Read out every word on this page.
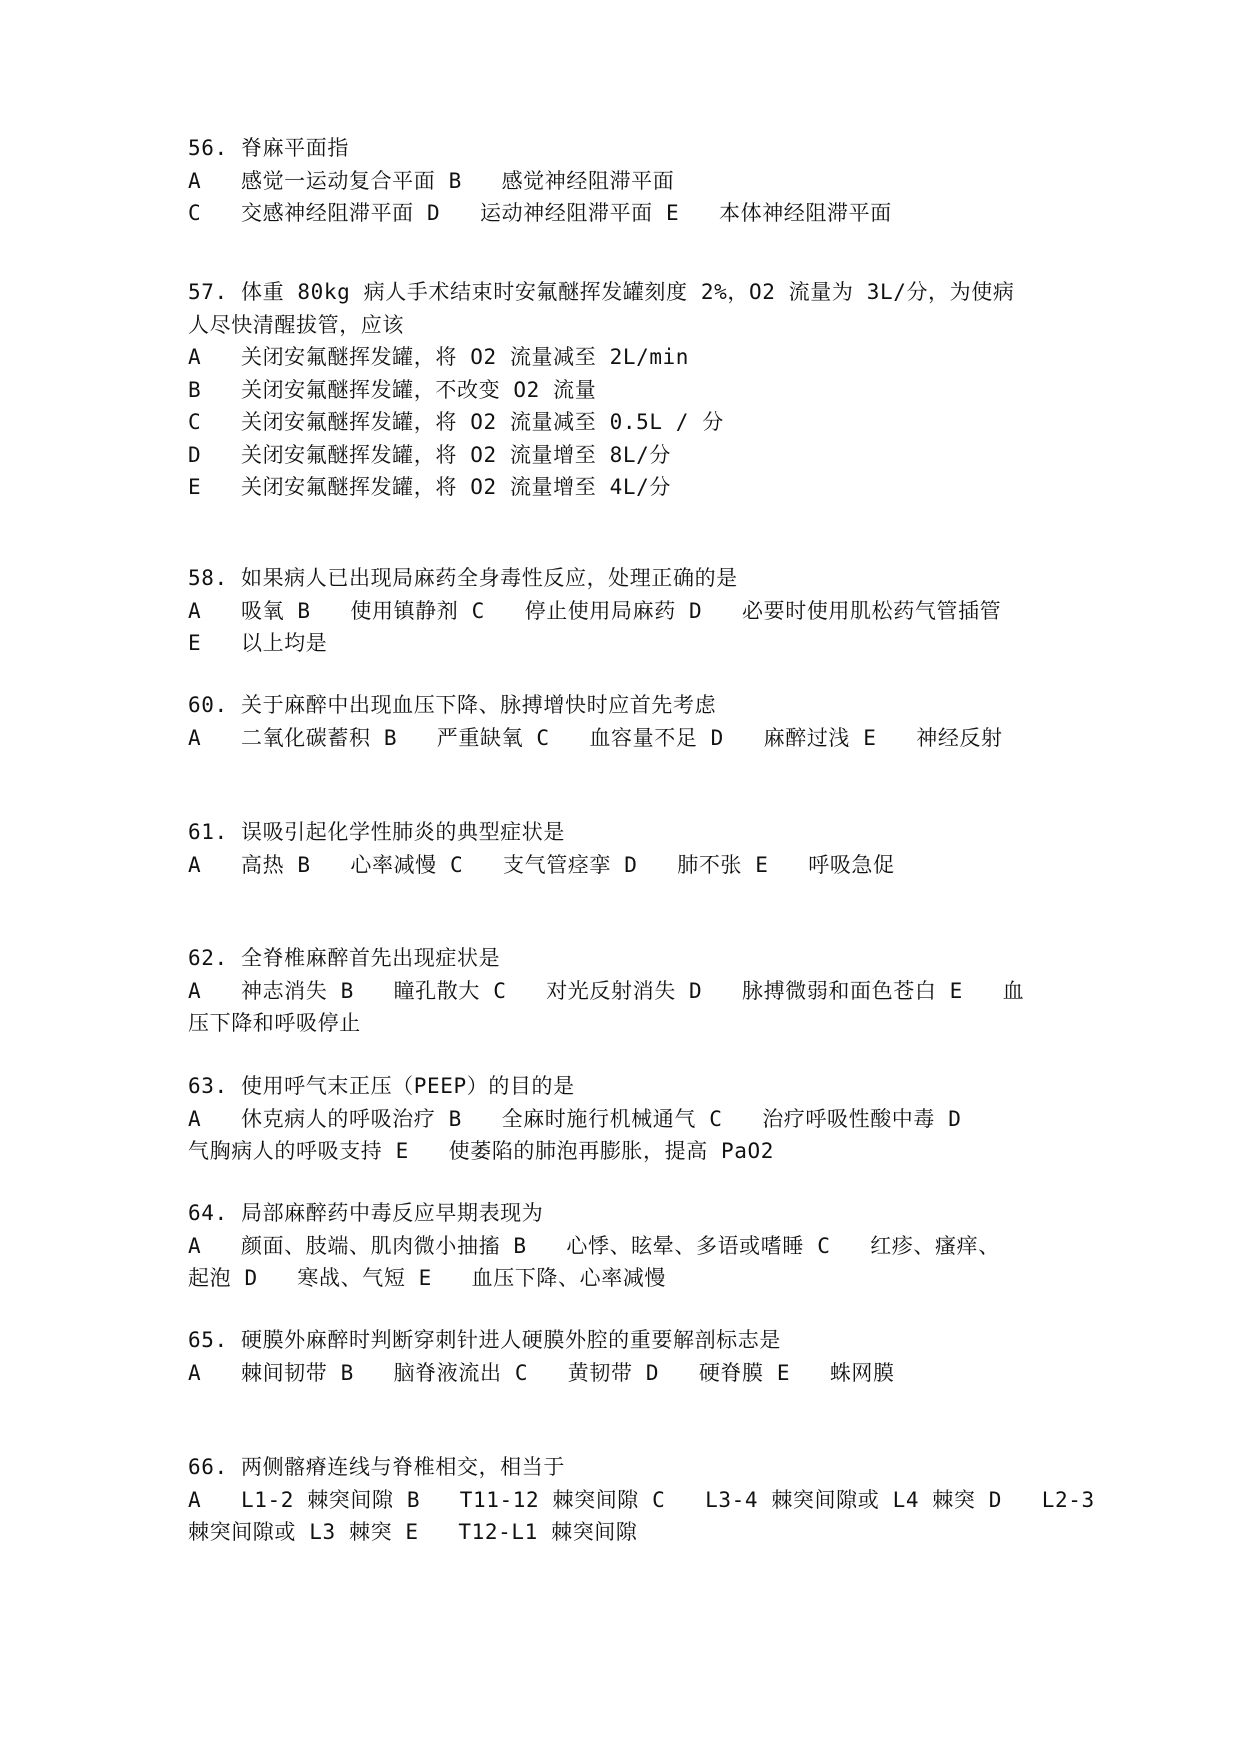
56. 脊麻平面指
A   感觉一运动复合平面 B   感觉神经阻滞平面
C   交感神经阻滞平面 D   运动神经阻滞平面 E   本体神经阻滞平面
57. 体重 80kg 病人手术结束时安氟醚挥发罐刻度 2%，O2 流量为 3L/分，为使病
人尽快清醒拔管，应该
A   关闭安氟醚挥发罐，将 O2 流量减至 2L/min
B   关闭安氟醚挥发罐，不改变 O2 流量
C   关闭安氟醚挥发罐，将 O2 流量减至 0.5L / 分
D   关闭安氟醚挥发罐，将 O2 流量增至 8L/分
E   关闭安氟醚挥发罐，将 O2 流量增至 4L/分
58. 如果病人已出现局麻药全身毒性反应，处理正确的是
A   吸氧 B   使用镇静剂 C   停止使用局麻药 D   必要时使用肌松药气管插管
E   以上均是
60. 关于麻醉中出现血压下降、脉搏增快时应首先考虑
A   二氧化碳蓄积 B   严重缺氧 C   血容量不足 D   麻醉过浅 E   神经反射
61. 误吸引起化学性肺炎的典型症状是
A   高热 B   心率减慢 C   支气管痉挛 D   肺不张 E   呼吸急促
62. 全脊椎麻醉首先出现症状是
A   神志消失 B   瞳孔散大 C   对光反射消失 D   脉搏微弱和面色苍白 E   血
压下降和呼吸停止
63. 使用呼气末正压（PEEP）的目的是
A   休克病人的呼吸治疗 B   全麻时施行机械通气 C   治疗呼吸性酸中毒 D
气胸病人的呼吸支持 E   使萎陷的肺泡再膨胀，提高 PaO2
64. 局部麻醉药中毒反应早期表现为
A   颜面、肢端、肌肉微小抽搐 B   心悸、眩晕、多语或嗜睡 C   红疹、瘙痒、
起泡 D   寒战、气短 E   血压下降、心率减慢
65. 硬膜外麻醉时判断穿刺针进人硬膜外腔的重要解剖标志是
A   棘间韧带 B   脑脊液流出 C   黄韧带 D   硬脊膜 E   蛛网膜
66. 两侧髂瘠连线与脊椎相交，相当于
A   L1-2 棘突间隙 B   T11-12 棘突间隙 C   L3-4 棘突间隙或 L4 棘突 D   L2-3
棘突间隙或 L3 棘突 E   T12-L1 棘突间隙
